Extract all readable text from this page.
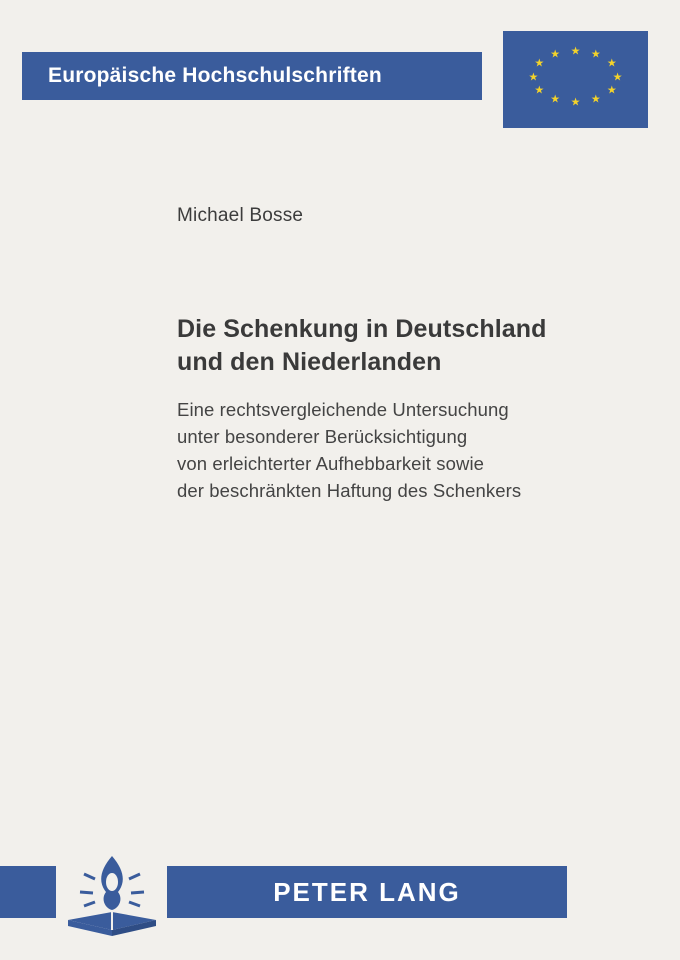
Europäische Hochschulschriften
★ ★
★
★
★
★
★
★
★
★
★
★
Michael Bosse
Die Schenkung in Deutschland
und den Niederlanden
Eine rechtsvergleichende Untersuchung
unter besonderer Berücksichtigung
von erleichterter Aufhebbarkeit sowie
der beschränkten Haftung des Schenkers
PETER LANG
